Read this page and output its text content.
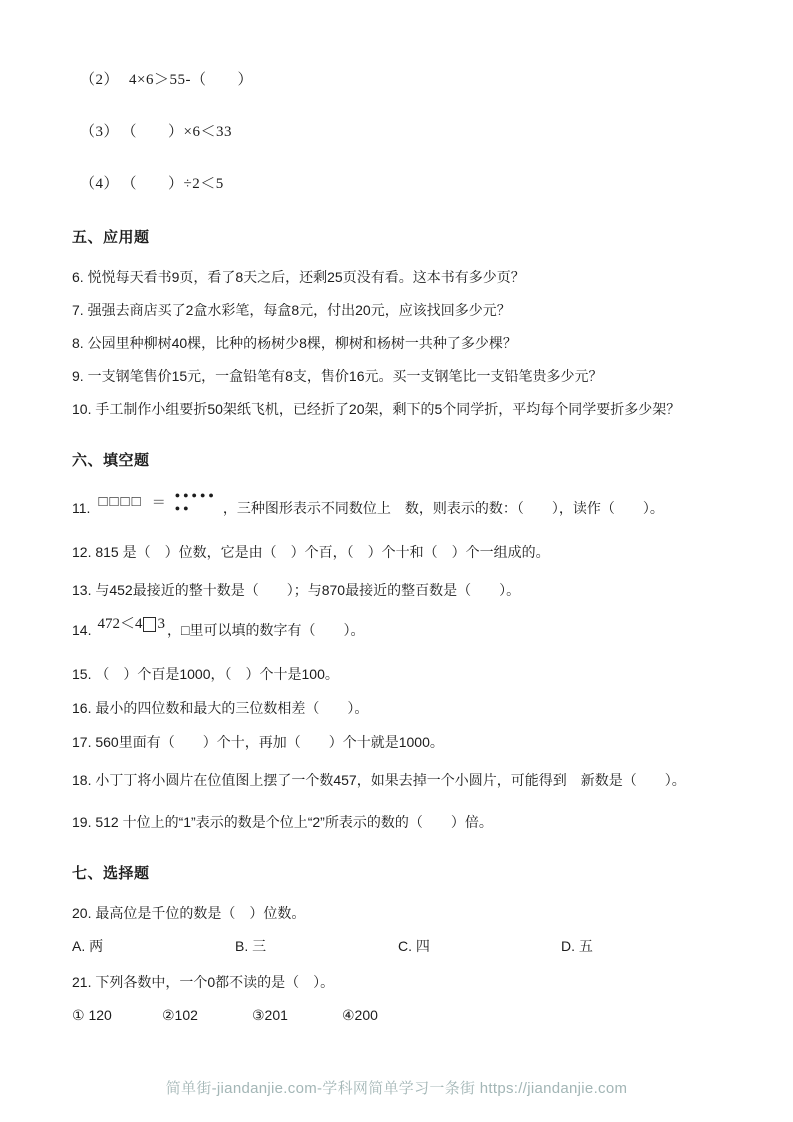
（2） 4×6＞55-（　　）
（3） （　　）×6＜33
（4） （　　）÷2＜5
五、应用题

6. 悦悦每天看书9页，看了8天之后，还剩25页没有看。这本书有多少页？

7. 强强去商店买了2盒水彩笔，每盒8元，付出20元，应该找回多少元？

8. 公园里种柳树40棵，比种的杨树少8棵，柳树和杨树一共种了多少棵？

9. 一支钢笔售价15元，一盒铅笔有8支，售价16元。买一支钢笔比一支铅笔贵多少元？

10. 手工制作小组要折50架纸飞机，已经折了20架，剩下的5个同学折，平均每个同学要折多少架？

六、填空题
11. □□□□ ＝ ●●●●●
●● ，三种图形表示不同数位上　数，则表示的数：（　　），读作（　　）。

12. 815 是（　）位数，它是由（　）个百，（　）个十和（　）个一组成的。

13. 与452最接近的整十数是（　　）；与870最接近的整百数是（　　）。

14. 472＜4 3 ，□里可以填的数字有（　　）。

15. （　）个百是1000，（　）个十是100。

16. 最小的四位数和最大的三位数相差（　　）。

17. 560里面有（　　）个十，再加（　　）个十就是1000。

18. 小丁丁将小圆片在位值图上摆了一个数457，如果去掉一个小圆片，可能得到　新数是（　　）。

19. 512 十位上的“1”表示的数是个位上“2”所表示的数的（　　）倍。

七、选择题

20. 最高位是千位的数是（　）位数。

A. 两	B. 三	C. 四	D. 五

21. 下列各数中，一个0都不读的是（　）。

① 120	②102	③201	④200
简单街-jiandanjie.com-学科网简单学习一条街 https://jiandanjie.com
